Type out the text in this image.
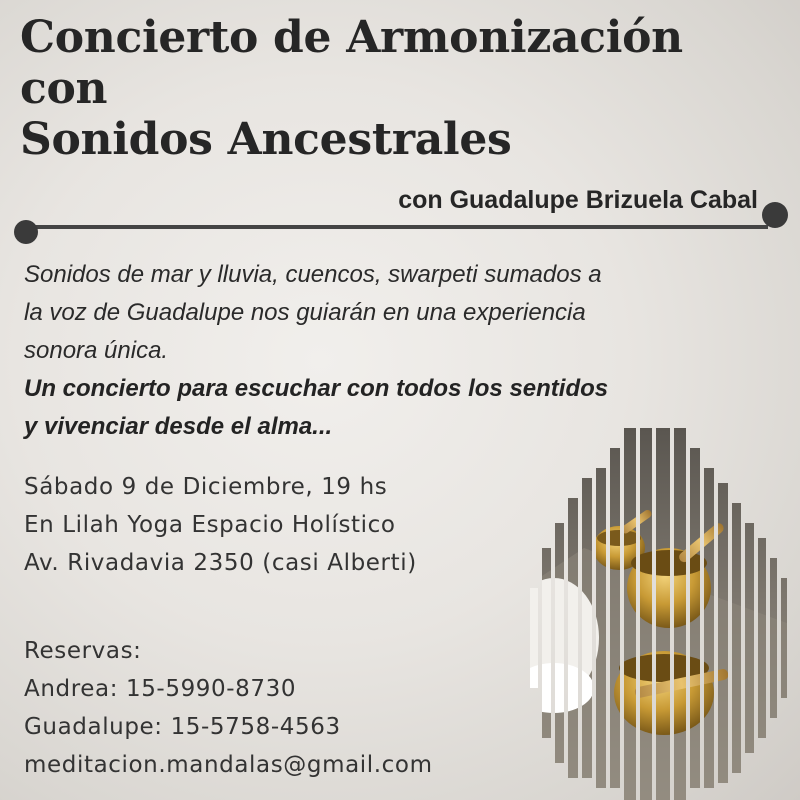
Concierto de Armonización
con
Sonidos Ancestrales
con Guadalupe Brizuela Cabal
Sonidos de mar y lluvia, cuencos, swarpeti sumados a
la voz de Guadalupe nos guiarán en una experiencia
sonora única.
Un concierto para escuchar con todos los sentidos
y vivenciar desde el alma...
Sábado 9 de Diciembre, 19 hs
En Lilah Yoga Espacio Holístico
Av. Rivadavia 2350 (casi Alberti)
Reservas:
Andrea: 15-5990-8730
Guadalupe: 15-5758-4563
meditacion.mandalas@gmail.com
